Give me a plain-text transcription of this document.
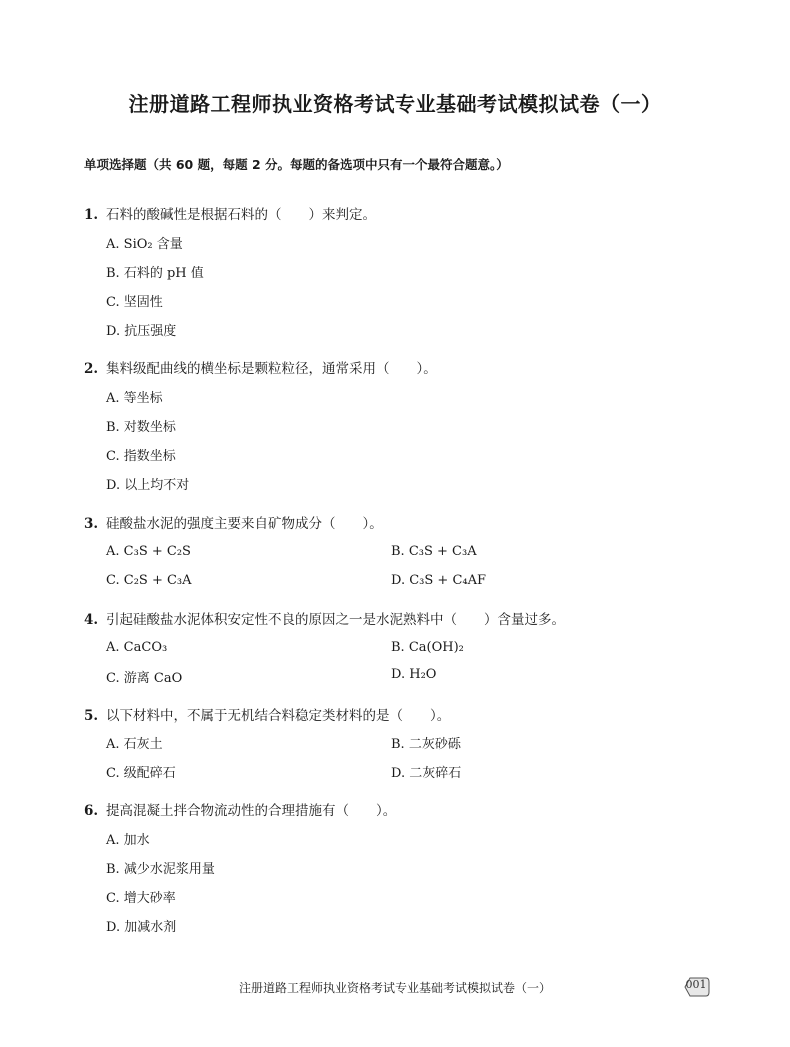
注册道路工程师执业资格考试专业基础考试模拟试卷（一）
单项选择题（共 60 题，每题 2 分。每题的备选项中只有一个最符合题意。）
1. 石料的酸碱性是根据石料的（　　）来判定。
A. SiO₂ 含量
B. 石料的 pH 值
C. 坚固性
D. 抗压强度
2. 集料级配曲线的横坐标是颗粒粒径，通常采用（　　）。
A. 等坐标
B. 对数坐标
C. 指数坐标
D. 以上均不对
3. 硅酸盐水泥的强度主要来自矿物成分（　　）。
A. C₃S + C₂S	B. C₃S + C₃A
C. C₂S + C₃A	D. C₃S + C₄AF
4. 引起硅酸盐水泥体积安定性不良的原因之一是水泥熟料中（　　）含量过多。
A. CaCO₃	B. Ca(OH)₂
C. 游离 CaO	D. H₂O
5. 以下材料中，不属于无机结合料稳定类材料的是（　　）。
A. 石灰土	B. 二灰砂砾
C. 级配碎石	D. 二灰碎石
6. 提高混凝土拌合物流动性的合理措施有（　　）。
A. 加水
B. 减少水泥浆用量
C. 增大砂率
D. 加减水剂
注册道路工程师执业资格考试专业基础考试模拟试卷（一）	001
